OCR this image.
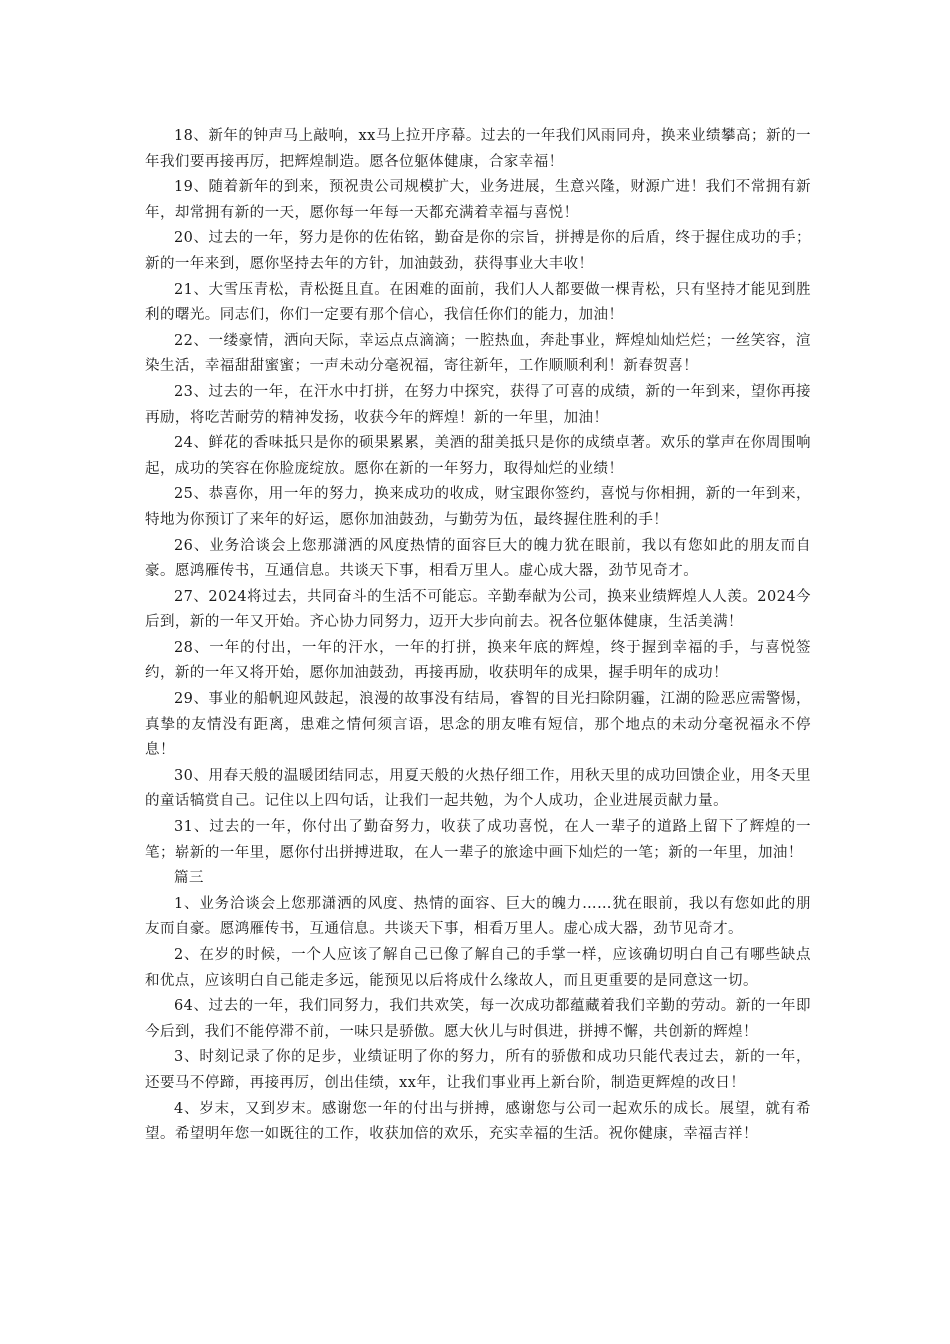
18、新年的钟声马上敲响，xx马上拉开序幕。过去的一年我们风雨同舟，换来业绩攀高；新的一年我们要再接再厉，把辉煌制造。愿各位躯体健康，合家幸福！

19、随着新年的到来，预祝贵公司规模扩大，业务进展，生意兴隆，财源广进！我们不常拥有新年，却常拥有新的一天，愿你每一年每一天都充满着幸福与喜悦！

20、过去的一年，努力是你的佐佑铭，勤奋是你的宗旨，拼搏是你的后盾，终于握住成功的手；新的一年来到，愿你坚持去年的方针，加油鼓劲，获得事业大丰收！

21、大雪压青松，青松挺且直。在困难的面前，我们人人都要做一棵青松，只有坚持才能见到胜利的曙光。同志们，你们一定要有那个信心，我信任你们的能力，加油！

22、一缕豪情，洒向天际，幸运点点滴滴；一腔热血，奔赴事业，辉煌灿灿烂烂；一丝笑容，渲染生活，幸福甜甜蜜蜜；一声未动分毫祝福，寄往新年，工作顺顺利利！新春贺喜！

23、过去的一年，在汗水中打拼，在努力中探究，获得了可喜的成绩，新的一年到来，望你再接再励，将吃苦耐劳的精神发扬，收获今年的辉煌！新的一年里，加油！

24、鲜花的香味抵只是你的硕果累累，美酒的甜美抵只是你的成绩卓著。欢乐的掌声在你周围响起，成功的笑容在你脸庞绽放。愿你在新的一年努力，取得灿烂的业绩！

25、恭喜你，用一年的努力，换来成功的收成，财宝跟你签约，喜悦与你相拥，新的一年到来，特地为你预订了来年的好运，愿你加油鼓劲，与勤劳为伍，最终握住胜利的手！

26、业务洽谈会上您那潇洒的风度热情的面容巨大的魄力犹在眼前，我以有您如此的朋友而自豪。愿鸿雁传书，互通信息。共谈天下事，相看万里人。虚心成大器，劲节见奇才。

27、2024将过去，共同奋斗的生活不可能忘。辛勤奉献为公司，换来业绩辉煌人人羡。2024今后到，新的一年又开始。齐心协力同努力，迈开大步向前去。祝各位躯体健康，生活美满！

28、一年的付出，一年的汗水，一年的打拼，换来年底的辉煌，终于握到幸福的手，与喜悦签约，新的一年又将开始，愿你加油鼓劲，再接再励，收获明年的成果，握手明年的成功！

29、事业的船帆迎风鼓起，浪漫的故事没有结局，睿智的目光扫除阴霾，江湖的险恶应需警惕，真挚的友情没有距离，患难之情何须言语，思念的朋友唯有短信，那个地点的未动分毫祝福永不停息！

30、用春天般的温暖团结同志，用夏天般的火热仔细工作，用秋天里的成功回馈企业，用冬天里的童话犒赏自己。记住以上四句话，让我们一起共勉，为个人成功，企业进展贡献力量。

31、过去的一年，你付出了勤奋努力，收获了成功喜悦，在人一辈子的道路上留下了辉煌的一笔；崭新的一年里，愿你付出拼搏进取，在人一辈子的旅途中画下灿烂的一笔；新的一年里，加油！

篇三

1、业务洽谈会上您那潇洒的风度、热情的面容、巨大的魄力……犹在眼前，我以有您如此的朋友而自豪。愿鸿雁传书，互通信息。共谈天下事，相看万里人。虚心成大器，劲节见奇才。

2、在岁的时候，一个人应该了解自己已像了解自己的手掌一样，应该确切明白自己有哪些缺点和优点，应该明白自己能走多远，能预见以后将成什么缘故人，而且更重要的是同意这一切。

64、过去的一年，我们同努力，我们共欢笑，每一次成功都蕴藏着我们辛勤的劳动。新的一年即今后到，我们不能停滞不前，一味只是骄傲。愿大伙儿与时俱进，拼搏不懈，共创新的辉煌！

3、时刻记录了你的足步，业绩证明了你的努力，所有的骄傲和成功只能代表过去，新的一年，还要马不停蹄，再接再厉，创出佳绩，xx年，让我们事业再上新台阶，制造更辉煌的改日！

4、岁末，又到岁末。感谢您一年的付出与拼搏，感谢您与公司一起欢乐的成长。展望，就有希望。希望明年您一如既往的工作，收获加倍的欢乐，充实幸福的生活。祝你健康，幸福吉祥！
